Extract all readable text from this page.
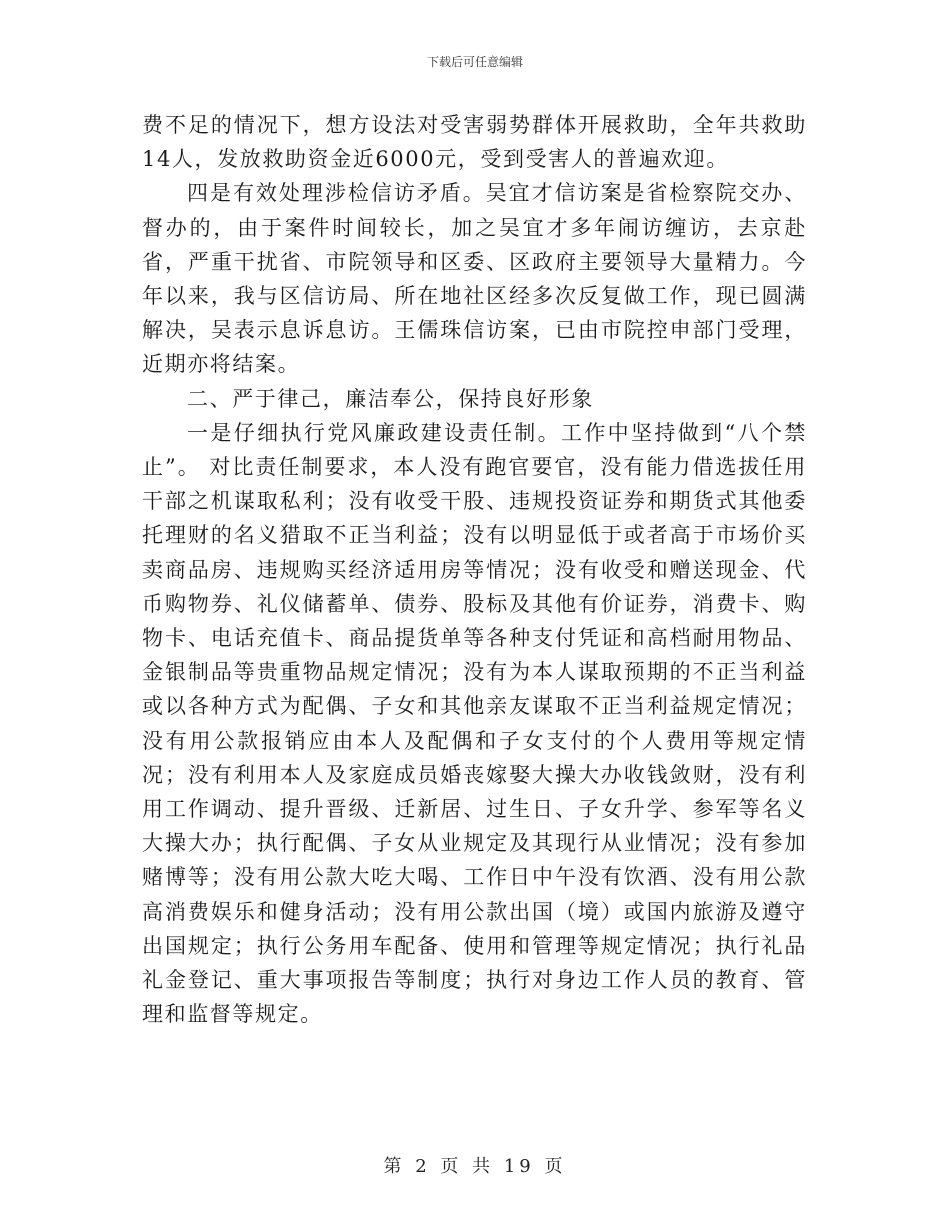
下载后可任意编辑

费不足的情况下，想方设法对受害弱势群体开展救助，全年共救助14人，发放救助资金近6000元，受到受害人的普遍欢迎。

四是有效处理涉检信访矛盾。吴宜才信访案是省检察院交办、督办的，由于案件时间较长，加之吴宜才多年闹访缠访，去京赴省，严重干扰省、市院领导和区委、区政府主要领导大量精力。今年以来，我与区信访局、所在地社区经多次反复做工作，现已圆满解决，吴表示息诉息访。王儒珠信访案，已由市院控申部门受理，近期亦将结案。

二、严于律己，廉洁奉公，保持良好形象

一是仔细执行党风廉政建设责任制。工作中坚持做到“八个禁止”。 对比责任制要求，本人没有跑官要官，没有能力借选拔任用干部之机谋取私利；没有收受干股、违规投资证券和期货式其他委托理财的名义猎取不正当利益；没有以明显低于或者高于市场价买卖商品房、违规购买经济适用房等情况；没有收受和赠送现金、代币购物券、礼仪储蓄单、债券、股标及其他有价证券，消费卡、购物卡、电话充值卡、商品提货单等各种支付凭证和高档耐用物品、金银制品等贵重物品规定情况；没有为本人谋取预期的不正当利益或以各种方式为配偶、子女和其他亲友谋取不正当利益规定情况；没有用公款报销应由本人及配偶和子女支付的个人费用等规定情况；没有利用本人及家庭成员婚丧嫁娶大操大办收钱敛财，没有利用工作调动、提升晋级、迁新居、过生日、子女升学、参军等名义大操大办；执行配偶、子女从业规定及其现行从业情况；没有参加赌博等；没有用公款大吃大喝、工作日中午没有饮酒、没有用公款高消费娱乐和健身活动；没有用公款出国（境）或国内旅游及遵守出国规定；执行公务用车配备、使用和管理等规定情况；执行礼品礼金登记、重大事项报告等制度；执行对身边工作人员的教育、管理和监督等规定。

第 2 页 共 19 页
